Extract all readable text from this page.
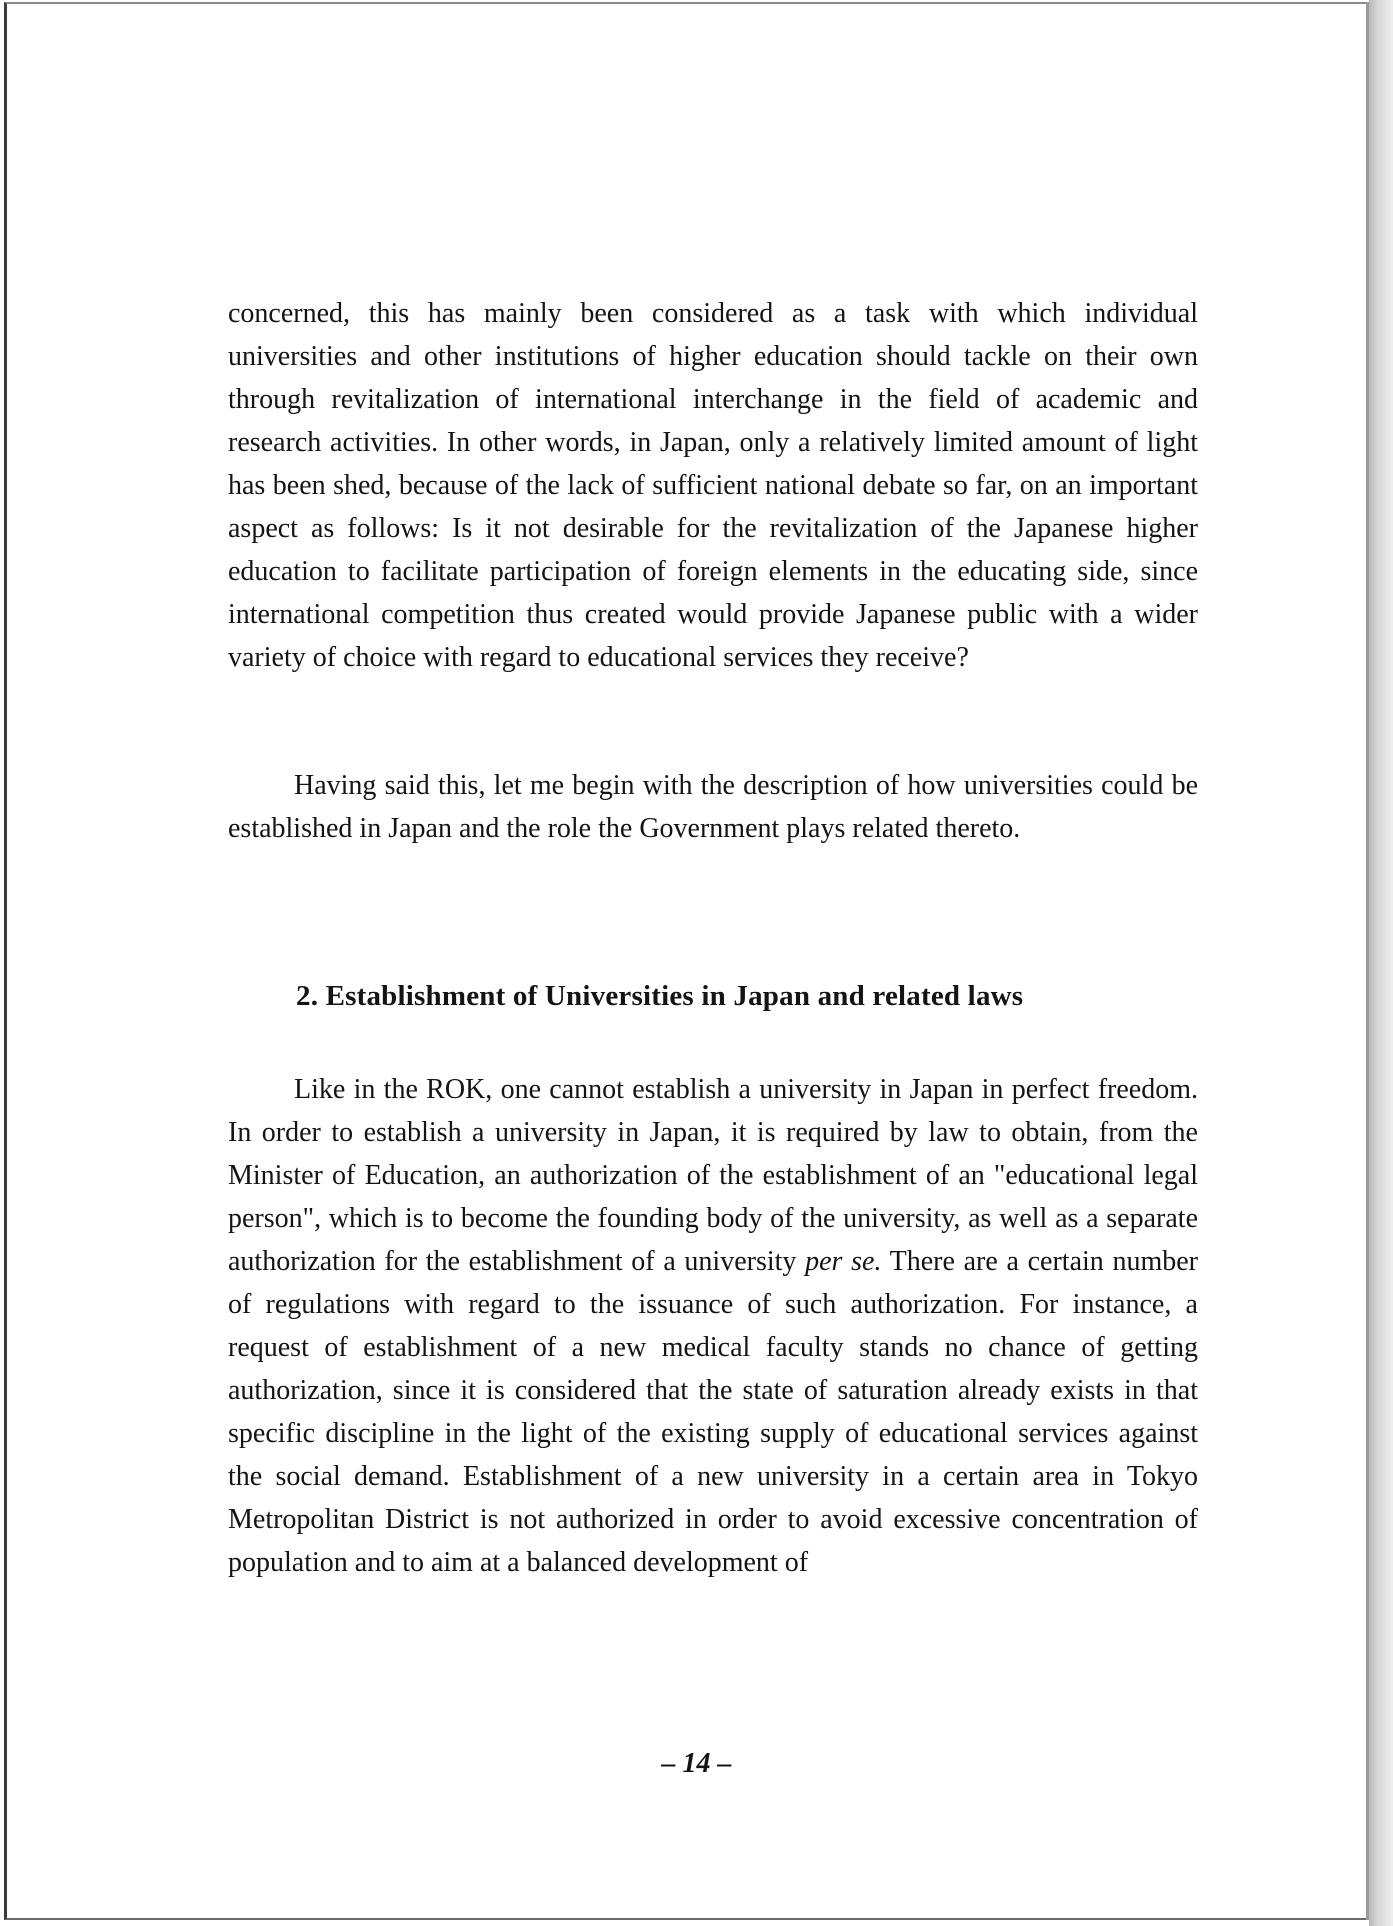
concerned, this has mainly been considered as a task with which individual universities and other institutions of higher education should tackle on their own through revitalization of international interchange in the field of academic and research activities. In other words, in Japan, only a relatively limited amount of light has been shed, because of the lack of sufficient national debate so far, on an important aspect as follows: Is it not desirable for the revitalization of the Japanese higher education to facilitate participation of foreign elements in the educating side, since international competition thus created would provide Japanese public with a wider variety of choice with regard to educational services they receive?

Having said this, let me begin with the description of how universities could be established in Japan and the role the Government plays related thereto.

2. Establishment of Universities in Japan and related laws

Like in the ROK, one cannot establish a university in Japan in perfect freedom. In order to establish a university in Japan, it is required by law to obtain, from the Minister of Education, an authorization of the establishment of an "educational legal person", which is to become the founding body of the university, as well as a separate authorization for the establishment of a university per se. There are a certain number of regulations with regard to the issuance of such authorization. For instance, a request of establishment of a new medical faculty stands no chance of getting authorization, since it is considered that the state of saturation already exists in that specific discipline in the light of the existing supply of educational services against the social demand. Establishment of a new university in a certain area in Tokyo Metropolitan District is not authorized in order to avoid excessive concentration of population and to aim at a balanced development of

– 14 –
